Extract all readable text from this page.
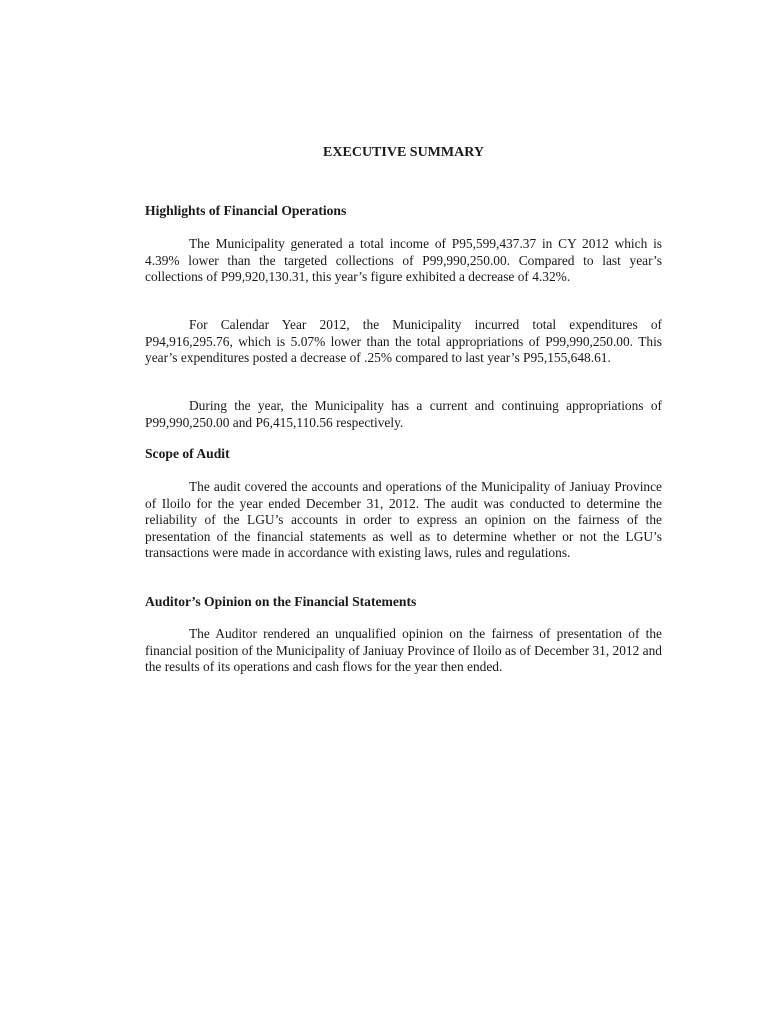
EXECUTIVE SUMMARY
Highlights of Financial Operations

The Municipality generated a total income of P95,599,437.37 in CY 2012 which is 4.39% lower than the targeted collections of P99,990,250.00. Compared to last year’s collections of P99,920,130.31, this year’s figure exhibited a decrease of 4.32%.

For Calendar Year 2012, the Municipality incurred total expenditures of P94,916,295.76, which is 5.07% lower than the total appropriations of P99,990,250.00. This year’s expenditures posted a decrease of .25% compared to last year’s P95,155,648.61.

During the year, the Municipality has a current and continuing appropriations of P99,990,250.00 and P6,415,110.56 respectively.

Scope of Audit

The audit covered the accounts and operations of the Municipality of Janiuay Province of Iloilo for the year ended December 31, 2012. The audit was conducted to determine the reliability of the LGU’s accounts in order to express an opinion on the fairness of the presentation of the financial statements as well as to determine whether or not the LGU’s transactions were made in accordance with existing laws, rules and regulations.

Auditor’s Opinion on the Financial Statements

The Auditor rendered an unqualified opinion on the fairness of presentation of the financial position of the Municipality of Janiuay Province of Iloilo as of December 31, 2012 and the results of its operations and cash flows for the year then ended.
